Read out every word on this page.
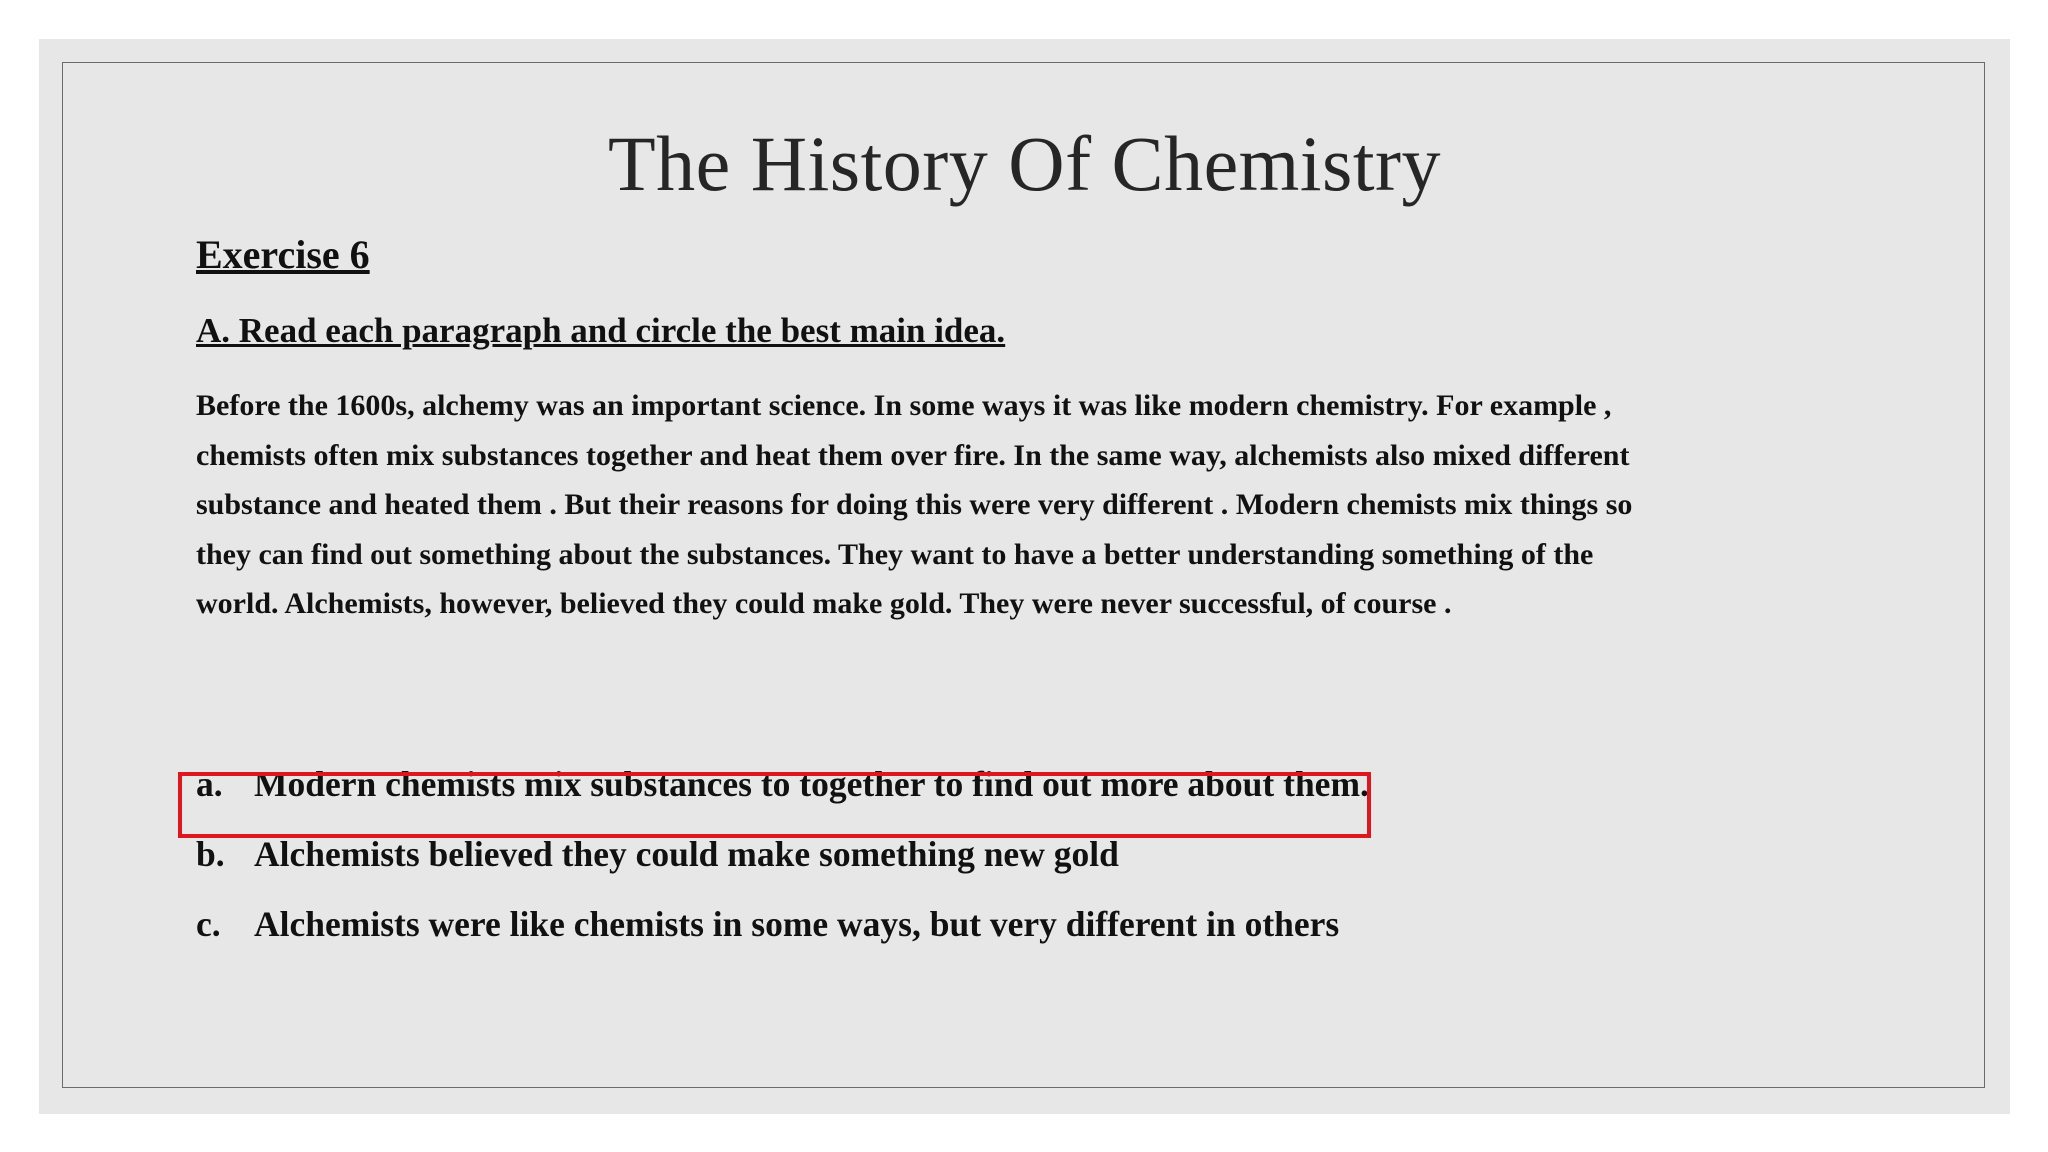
The History Of Chemistry
Exercise 6
A. Read each paragraph and circle the best main idea.
Before the 1600s, alchemy was an important science. In some ways it was like modern chemistry. For example ,
chemists often mix substances together and heat them over fire. In the same way, alchemists also mixed different
substance and heated them . But their reasons for doing this were very different . Modern chemists mix things so
they can find out something about the substances. They want to have a better understanding something of the
world. Alchemists, however, believed they could make gold. They were never successful, of course .
a. Modern chemists mix substances to together to find out more about them.
b. Alchemists believed they could make something new gold
c. Alchemists were like chemists in some ways, but very different in others
